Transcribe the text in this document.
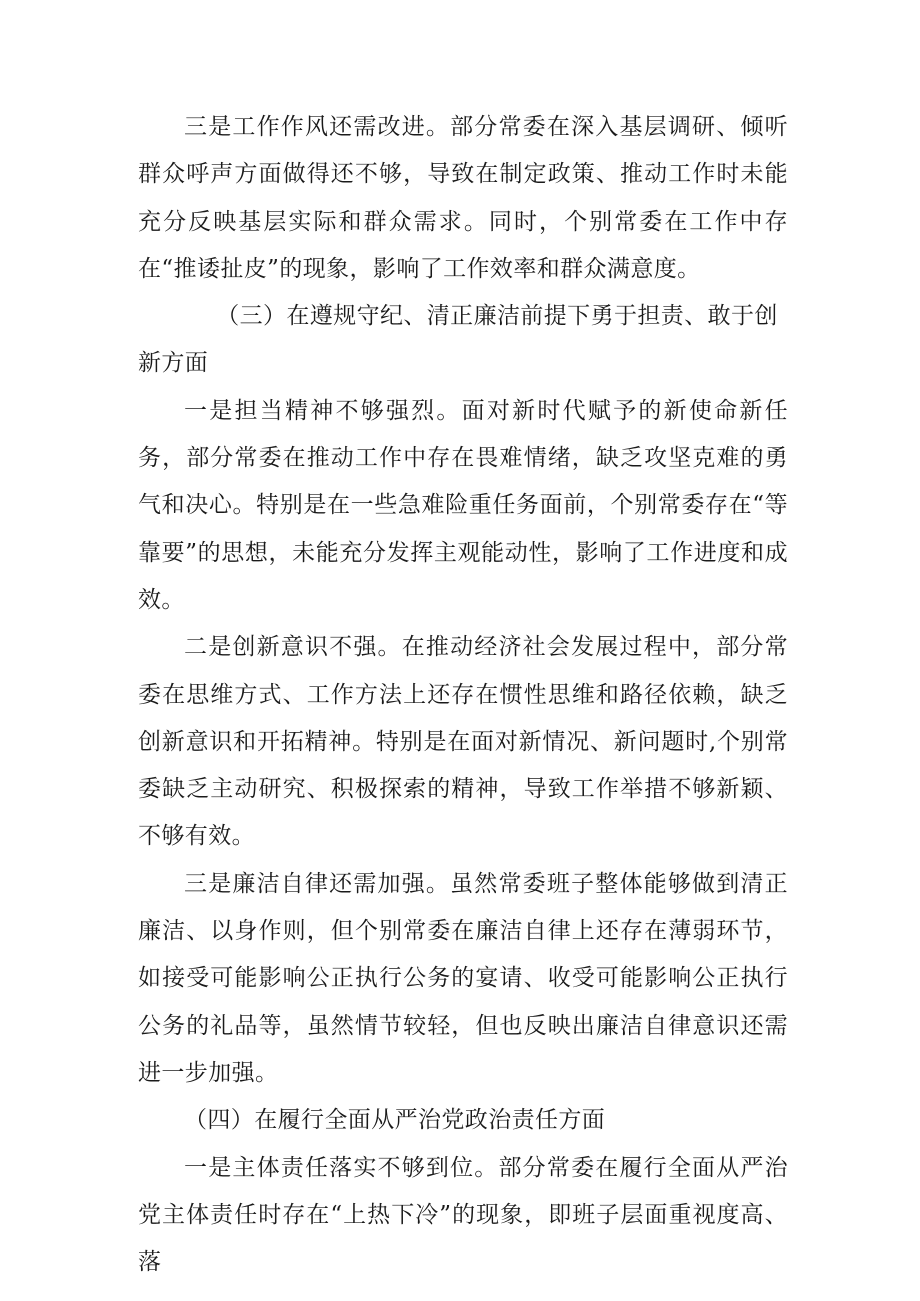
三是工作作风还需改进。部分常委在深入基层调研、倾听群众呼声方面做得还不够，导致在制定政策、推动工作时未能充分反映基层实际和群众需求。同时，个别常委在工作中存在“推诿扯皮”的现象，影响了工作效率和群众满意度。

（三）在遵规守纪、清正廉洁前提下勇于担责、敢于创新方面

一是担当精神不够强烈。面对新时代赋予的新使命新任务，部分常委在推动工作中存在畏难情绪，缺乏攻坚克难的勇气和决心。特别是在一些急难险重任务面前，个别常委存在“等靠要”的思想，未能充分发挥主观能动性，影响了工作进度和成效。

二是创新意识不强。在推动经济社会发展过程中，部分常委在思维方式、工作方法上还存在惯性思维和路径依赖，缺乏创新意识和开拓精神。特别是在面对新情况、新问题时,个别常委缺乏主动研究、积极探索的精神，导致工作举措不够新颖、不够有效。

三是廉洁自律还需加强。虽然常委班子整体能够做到清正廉洁、以身作则，但个别常委在廉洁自律上还存在薄弱环节，如接受可能影响公正执行公务的宴请、收受可能影响公正执行公务的礼品等，虽然情节较轻，但也反映出廉洁自律意识还需进一步加强。

（四）在履行全面从严治党政治责任方面

一是主体责任落实不够到位。部分常委在履行全面从严治党主体责任时存在“上热下冷”的现象，即班子层面重视度高、落
